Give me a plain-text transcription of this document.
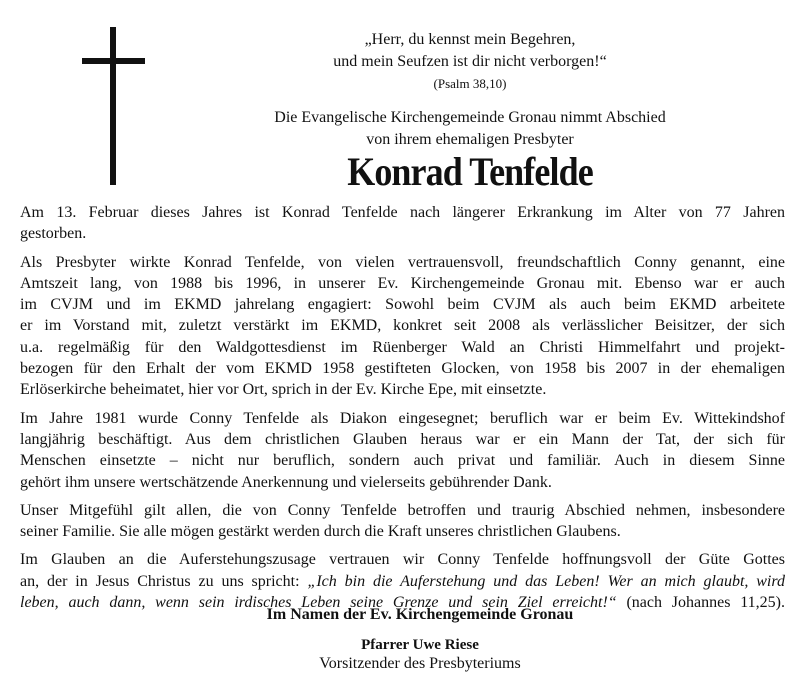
„Herr, du kennst mein Begehren,
und mein Seufzen ist dir nicht verborgen!“
(Psalm 38,10)
Die Evangelische Kirchengemeinde Gronau nimmt Abschied
von ihrem ehemaligen Presbyter
Konrad Tenfelde
Am 13. Februar dieses Jahres ist Konrad Tenfelde nach längerer Erkrankung im Alter von 77 Jahren
gestorben.
Als Presbyter wirkte Konrad Tenfelde, von vielen vertrauensvoll, freundschaftlich Conny genannt, eine
Amtszeit lang, von 1988 bis 1996, in unserer Ev. Kirchengemeinde Gronau mit. Ebenso war er auch
im CVJM und im EKMD jahrelang engagiert: Sowohl beim CVJM als auch beim EKMD arbeitete
er im Vorstand mit, zuletzt verstärkt im EKMD, konkret seit 2008 als verlässlicher Beisitzer, der sich
u.a. regelmäßig für den Waldgottesdienst im Rüenberger Wald an Christi Himmelfahrt und projekt-
bezogen für den Erhalt der vom EKMD 1958 gestifteten Glocken, von 1958 bis 2007 in der ehemaligen
Erlöserkirche beheimatet, hier vor Ort, sprich in der Ev. Kirche Epe, mit einsetzte.
Im Jahre 1981 wurde Conny Tenfelde als Diakon eingesegnet; beruflich war er beim Ev. Wittekindshof
langjährig beschäftigt. Aus dem christlichen Glauben heraus war er ein Mann der Tat, der sich für
Menschen einsetzte – nicht nur beruflich, sondern auch privat und familiär. Auch in diesem Sinne
gehört ihm unsere wertschätzende Anerkennung und vielerseits gebührender Dank.
Unser Mitgefühl gilt allen, die von Conny Tenfelde betroffen und traurig Abschied nehmen, insbesondere
seiner Familie. Sie alle mögen gestärkt werden durch die Kraft unseres christlichen Glaubens.
Im Glauben an die Auferstehungszusage vertrauen wir Conny Tenfelde hoffnungsvoll der Güte Gottes
an, der in Jesus Christus zu uns spricht: „Ich bin die Auferstehung und das Leben! Wer an mich glaubt, wird
leben, auch dann, wenn sein irdisches Leben seine Grenze und sein Ziel erreicht!“ (nach Johannes 11,25).
Im Namen der Ev. Kirchengemeinde Gronau
Pfarrer Uwe Riese
Vorsitzender des Presbyteriums
